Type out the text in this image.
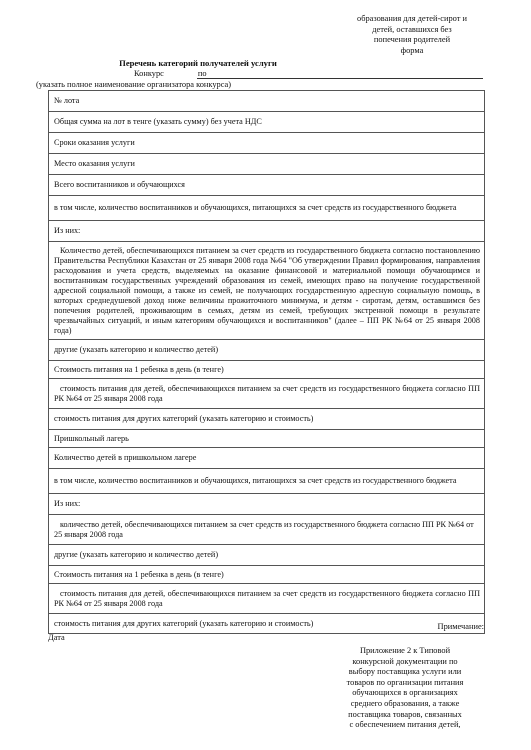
образования для детей-сирот и
детей, оставшихся без
попечения родителей
форма
Перечень категорий получателей услуги
Конкурс	по
(указать полное наименование организатора конкурса)
№ лота
Общая сумма на лот в тенге (указать сумму) без учета НДС
Сроки оказания услуги
Место оказания услуги
Всего воспитанников и обучающихся
в том числе, количество воспитанников и обучающихся, питающихся за счет средств из государственного бюджета
Из них:
Количество детей, обеспечивающихся питанием за счет средств из государственного бюджета согласно постановлению Правительства Республики Казахстан от 25 января 2008 года №64 "Об утверждении Правил формирования, направления расходования и учета средств, выделяемых на оказание финансовой и материальной помощи обучающимся и воспитанникам государственных учреждений образования из семей, имеющих право на получение государственной адресной социальной помощи, а также из семей, не получающих государственную адресную социальную помощь, в которых среднедушевой доход ниже величины прожиточного минимума, и детям - сиротам, детям, оставшимся без попечения родителей, проживающим в семьях, детям из семей, требующих экстренной помощи в результате чрезвычайных ситуаций, и иным категориям обучающихся и воспитанников" (далее – ПП РК №64 от 25 января 2008 года)
другие (указать категорию и количество детей)
Стоимость питания на 1 ребенка в день (в тенге)
стоимость питания для детей, обеспечивающихся питанием за счет средств из государственного бюджета согласно ПП РК №64 от 25 января 2008 года
стоимость питания для других категорий (указать категорию и стоимость)
Пришкольный лагерь
Количество детей в пришкольном лагере
в том числе, количество воспитанников и обучающихся, питающихся за счет средств из государственного бюджета
Из них:
количество детей, обеспечивающихся питанием за счет средств из государственного бюджета согласно ПП РК №64 от 25 января 2008 года
другие (указать категорию и количество детей)
Стоимость питания на 1 ребенка в день (в тенге)
стоимость питания для детей, обеспечивающихся питанием за счет средств из государственного бюджета согласно ПП РК №64 от 25 января 2008 года
стоимость питания для других категорий (указать категорию и стоимость)	Примечание:
Дата
Приложение 2 к Типовой
конкурсной документации по
выбору поставщика услуги или
товаров по организации питания
обучающихся в организациях
среднего образования, а также
поставщика товаров, связанных
с обеспечением питания детей,
